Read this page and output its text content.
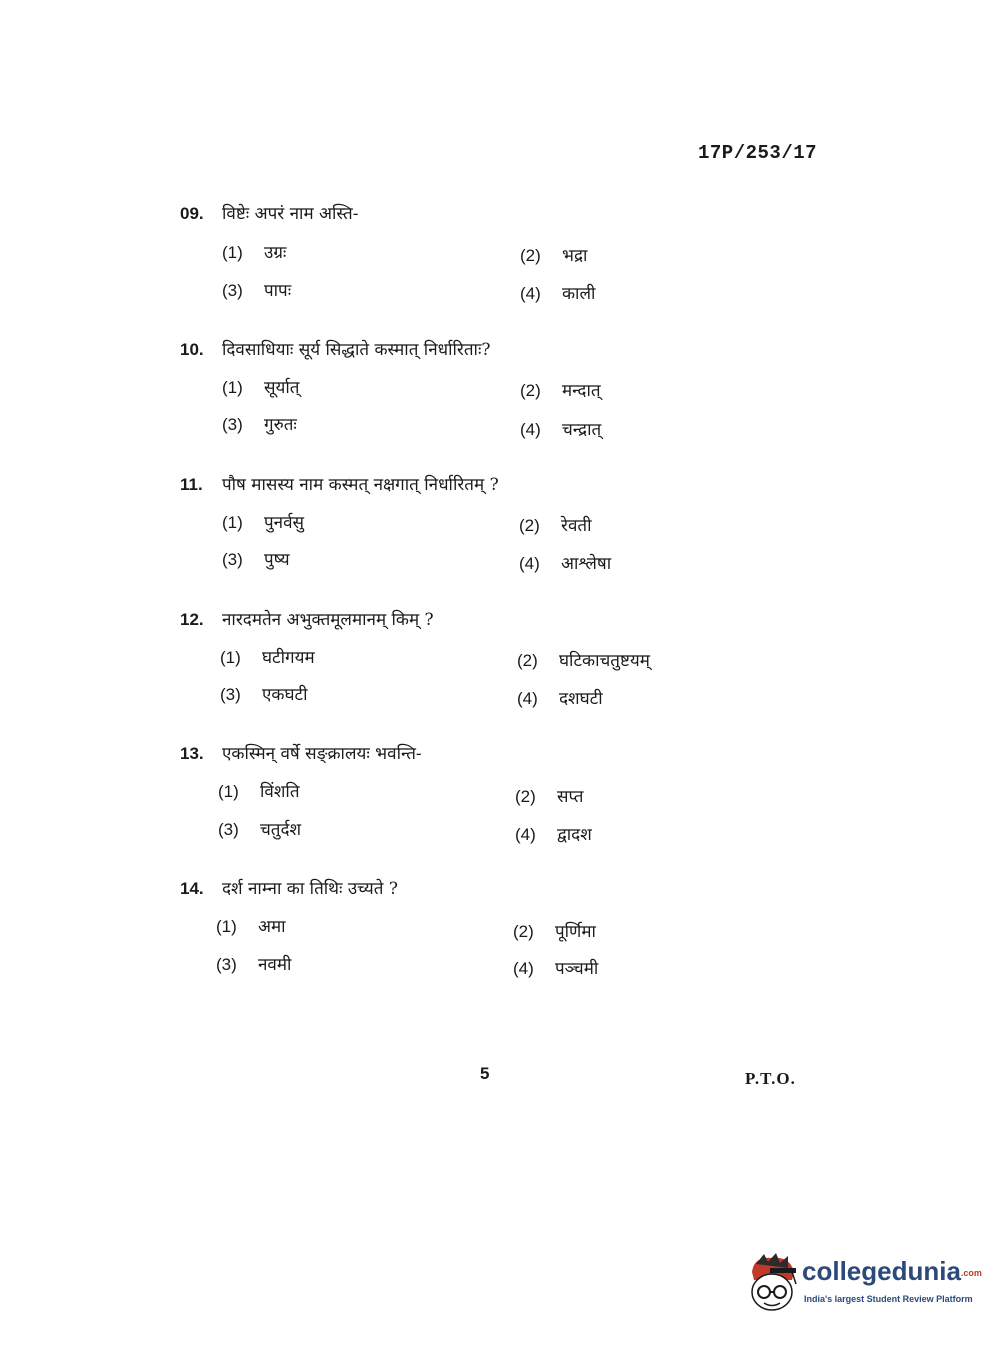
17P/253/17
09. विष्टेः अपरं नाम अस्ति-
(1) उग्रः	(2) भद्रा
(3) पापः	(4) काली
10. दिवसाधियाः सूर्य सिद्धाते कस्मात् निर्धारिताः?
(1) सूर्यात्	(2) मन्दात्
(3) गुरुतः	(4) चन्द्रात्
11. पौष मासस्य नाम कस्मत् नक्षगात् निर्धारितम् ?
(1) पुनर्वसु	(2) रेवती
(3) पुष्य	(4) आश्लेषा
12. नारदमतेन अभुक्तमूलमानम् किम् ?
(1) घटीगयम	(2) घटिकाचतुष्टयम्
(3) एकघटी	(4) दशघटी
13. एकस्मिन् वर्षे सङ्क्रालयः भवन्ति-
(1) विंशति	(2) सप्त
(3) चतुर्दश	(4) द्वादश
14. दर्श नाम्ना का तिथिः उच्यते ?
(1) अमा	(2) पूर्णिमा
(3) नवमी	(4) पञ्चमी
5	P.T.O.
collegedunia.com
India's largest Student Review Platform
